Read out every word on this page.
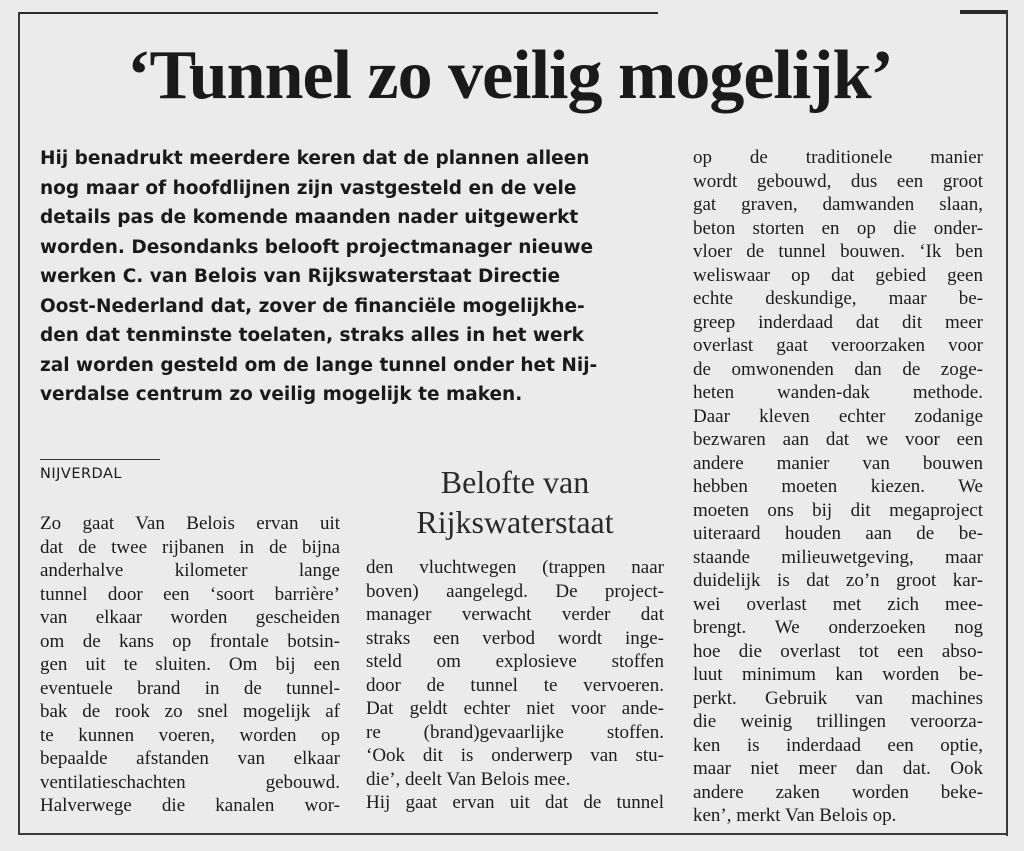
‘Tunnel zo veilig mogelijk’
Hij benadrukt meerdere keren dat de plannen alleen
nog maar of hoofdlijnen zijn vastgesteld en de vele
details pas de komende maanden nader uitgewerkt
worden. Desondanks belooft projectmanager nieuwe
werken C. van Belois van Rijkswaterstaat Directie
Oost-Nederland dat, zover de financiële mogelijkhe-
den dat tenminste toelaten, straks alles in het werk
zal worden gesteld om de lange tunnel onder het Nij-
verdalse centrum zo veilig mogelijk te maken.
NIJVERDAL	Belofte van
Rijkswaterstaat
Zo gaat Van Belois ervan uit
dat de twee rijbanen in de bijna
anderhalve kilometer lange
tunnel door een ‘soort barrière’
van elkaar worden gescheiden
om de kans op frontale botsin-
gen uit te sluiten. Om bij een
eventuele brand in de tunnel-
bak de rook zo snel mogelijk af
te kunnen voeren, worden op
bepaalde afstanden van elkaar
ventilatieschachten gebouwd.
Halverwege die kanalen wor-
den vluchtwegen (trappen naar
boven) aangelegd. De project-
manager verwacht verder dat
straks een verbod wordt inge-
steld om explosieve stoffen
door de tunnel te vervoeren.
Dat geldt echter niet voor ande-
re (brand)gevaarlijke stoffen.
‘Ook dit is onderwerp van stu-
die’, deelt Van Belois mee.
Hij gaat ervan uit dat de tunnel
op de traditionele manier
wordt gebouwd, dus een groot
gat graven, damwanden slaan,
beton storten en op die onder-
vloer de tunnel bouwen. ‘Ik ben
weliswaar op dat gebied geen
echte deskundige, maar be-
greep inderdaad dat dit meer
overlast gaat veroorzaken voor
de omwonenden dan de zoge-
heten wanden-dak methode.
Daar kleven echter zodanige
bezwaren aan dat we voor een
andere manier van bouwen
hebben moeten kiezen. We
moeten ons bij dit megaproject
uiteraard houden aan de be-
staande milieuwetgeving, maar
duidelijk is dat zo’n groot kar-
wei overlast met zich mee-
brengt. We onderzoeken nog
hoe die overlast tot een abso-
luut minimum kan worden be-
perkt. Gebruik van machines
die weinig trillingen veroorza-
ken is inderdaad een optie,
maar niet meer dan dat. Ook
andere zaken worden beke-
ken’, merkt Van Belois op.
